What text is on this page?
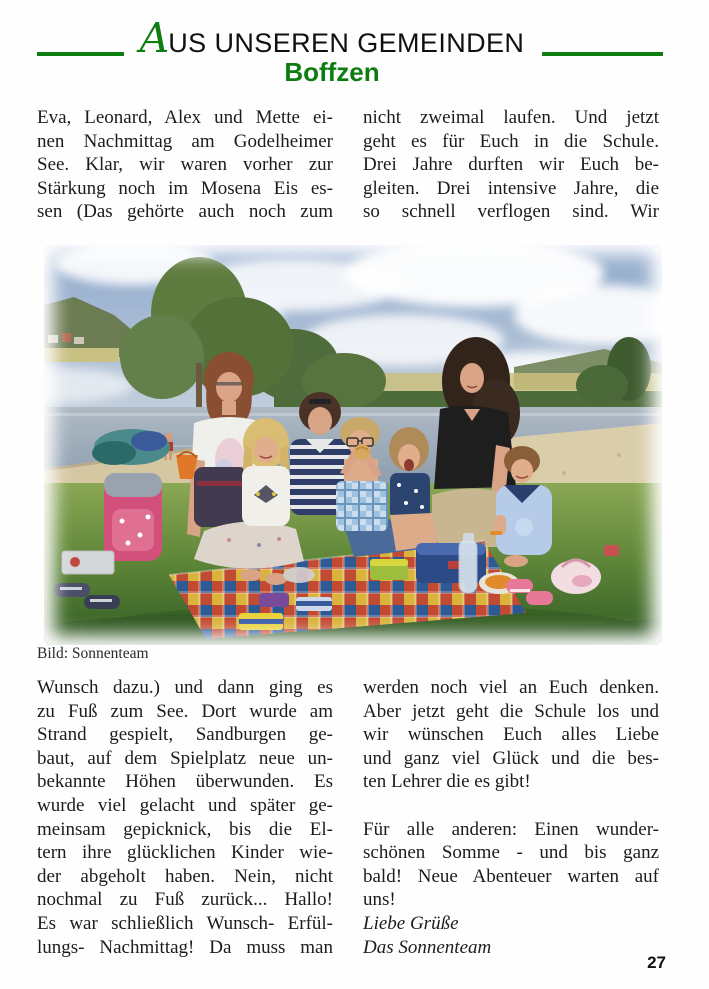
AUS UNSEREN GEMEINDEN
Boffzen
Eva, Leonard, Alex und Mette ei-
nen Nachmittag am Godelheimer
See. Klar, wir waren vorher zur
Stärkung noch im Mosena Eis es-
sen (Das gehörte auch noch zum
nicht zweimal laufen. Und jetzt
geht es für Euch in die Schule.
Drei Jahre durften wir Euch be-
gleiten. Drei intensive Jahre, die
so schnell verflogen sind. Wir
Bild: Sonnenteam
Wunsch dazu.) und dann ging es
zu Fuß zum See. Dort wurde am
Strand gespielt, Sandburgen ge-
baut, auf dem Spielplatz neue un-
bekannte Höhen überwunden. Es
wurde viel gelacht und später ge-
meinsam gepicknick, bis die El-
tern ihre glücklichen Kinder wie-
der abgeholt haben. Nein, nicht
nochmal zu Fuß zurück... Hallo!
Es war schließlich Wunsch- Erfül-
lungs- Nachmittag! Da muss man
werden noch viel an Euch denken.
Aber jetzt geht die Schule los und
wir wünschen Euch alles Liebe
und ganz viel Glück und die bes-
ten Lehrer die es gibt!

Für alle anderen: Einen wunder-
schönen Somme - und bis ganz
bald! Neue Abenteuer warten auf
uns!
Liebe Grüße
Das Sonnenteam
27
